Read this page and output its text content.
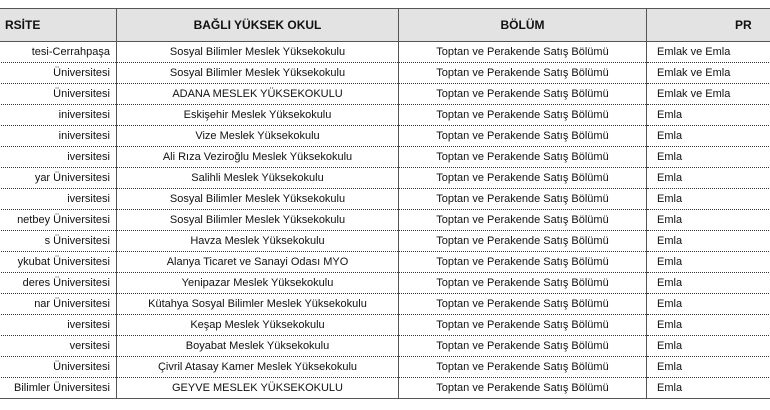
RSİTE	BAĞLI YÜKSEK OKUL	BÖLÜM	PR
tesi-Cerrahpaşa	Sosyal Bilimler Meslek Yüksekokulu	Toptan ve Perakende Satış Bölümü	Emlak ve Emla
Üniversitesi	Sosyal Bilimler Meslek Yüksekokulu	Toptan ve Perakende Satış Bölümü	Emlak ve Emla
Üniversitesi	ADANA MESLEK YÜKSEKOKULU	Toptan ve Perakende Satış Bölümü	Emlak ve Emla
iniversitesi	Eskişehir Meslek Yüksekokulu	Toptan ve Perakende Satış Bölümü	Emla
iniversitesi	Vize Meslek Yüksekokulu	Toptan ve Perakende Satış Bölümü	Emla
iversitesi	Ali Rıza Veziroğlu Meslek Yüksekokulu	Toptan ve Perakende Satış Bölümü	Emla
yar Üniversitesi	Salihli Meslek Yüksekokulu	Toptan ve Perakende Satış Bölümü	Emla
iversitesi	Sosyal Bilimler Meslek Yüksekokulu	Toptan ve Perakende Satış Bölümü	Emla
netbey Üniversitesi	Sosyal Bilimler Meslek Yüksekokulu	Toptan ve Perakende Satış Bölümü	Emla
s Üniversitesi	Havza Meslek Yüksekokulu	Toptan ve Perakende Satış Bölümü	Emla
ykubat Üniversitesi	Alanya Ticaret ve Sanayi Odası MYO	Toptan ve Perakende Satış Bölümü	Emla
deres Üniversitesi	Yenipazar Meslek Yüksekokulu	Toptan ve Perakende Satış Bölümü	Emla
nar Üniversitesi	Kütahya Sosyal Bilimler Meslek Yüksekokulu	Toptan ve Perakende Satış Bölümü	Emla
iversitesi	Keşap Meslek Yüksekokulu	Toptan ve Perakende Satış Bölümü	Emla
versitesi	Boyabat Meslek Yüksekokulu	Toptan ve Perakende Satış Bölümü	Emla
Üniversitesi	Çivril Atasay Kamer Meslek Yüksekokulu	Toptan ve Perakende Satış Bölümü	Emla
Bilimler Üniversitesi	GEYVE MESLEK YÜKSEKOKULU	Toptan ve Perakende Satış Bölümü	Emla
